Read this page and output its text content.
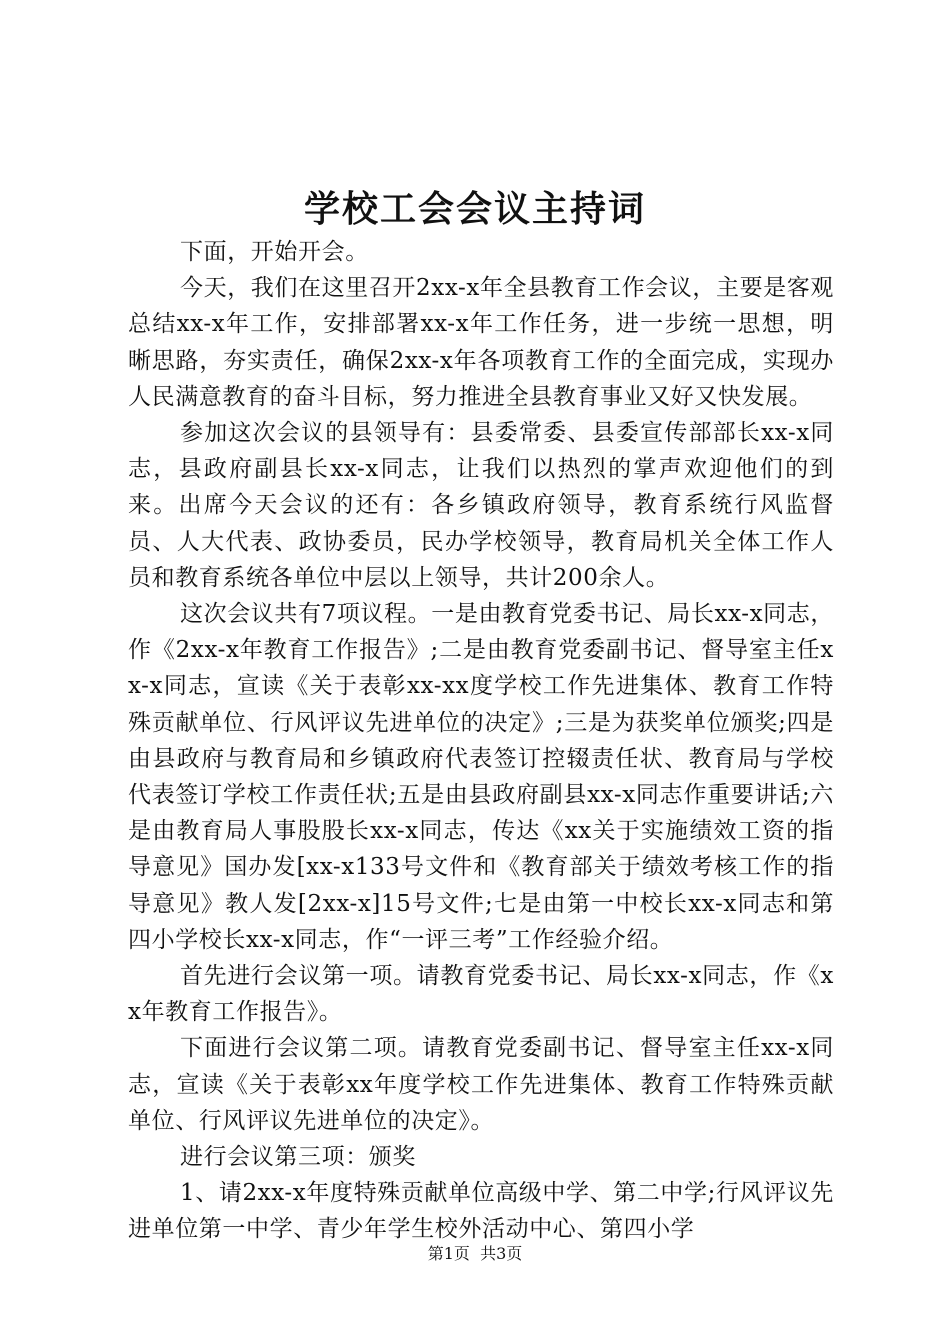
学校工会会议主持词

下面，开始开会。

今天，我们在这里召开2xx-x年全县教育工作会议，主要是客观总结xx-x年工作，安排部署xx-x年工作任务，进一步统一思想，明晰思路，夯实责任，确保2xx-x年各项教育工作的全面完成，实现办人民满意教育的奋斗目标，努力推进全县教育事业又好又快发展。

参加这次会议的县领导有：县委常委、县委宣传部部长xx-x同志，县政府副县长xx-x同志，让我们以热烈的掌声欢迎他们的到来。出席今天会议的还有：各乡镇政府领导，教育系统行风监督员、人大代表、政协委员，民办学校领导，教育局机关全体工作人员和教育系统各单位中层以上领导，共计200余人。

这次会议共有7项议程。一是由教育党委书记、局长xx-x同志，作《2xx-x年教育工作报告》;二是由教育党委副书记、督导室主任xx-x同志，宣读《关于表彰xx-xx度学校工作先进集体、教育工作特殊贡献单位、行风评议先进单位的决定》;三是为获奖单位颁奖;四是由县政府与教育局和乡镇政府代表签订控辍责任状、教育局与学校代表签订学校工作责任状;五是由县政府副县xx-x同志作重要讲话;六是由教育局人事股股长xx-x同志，传达《xx关于实施绩效工资的指导意见》国办发[xx-x133号文件和《教育部关于绩效考核工作的指导意见》教人发[2xx-x]15号文件;七是由第一中校长xx-x同志和第四小学校长xx-x同志，作“一评三考”工作经验介绍。

首先进行会议第一项。请教育党委书记、局长xx-x同志，作《xx年教育工作报告》。

下面进行会议第二项。请教育党委副书记、督导室主任xx-x同志，宣读《关于表彰xx年度学校工作先进集体、教育工作特殊贡献单位、行风评议先进单位的决定》。

进行会议第三项：颁奖

1、请2xx-x年度特殊贡献单位高级中学、第二中学;行风评议先进单位第一中学、青少年学生校外活动中心、第四小学

第1页 共3页
